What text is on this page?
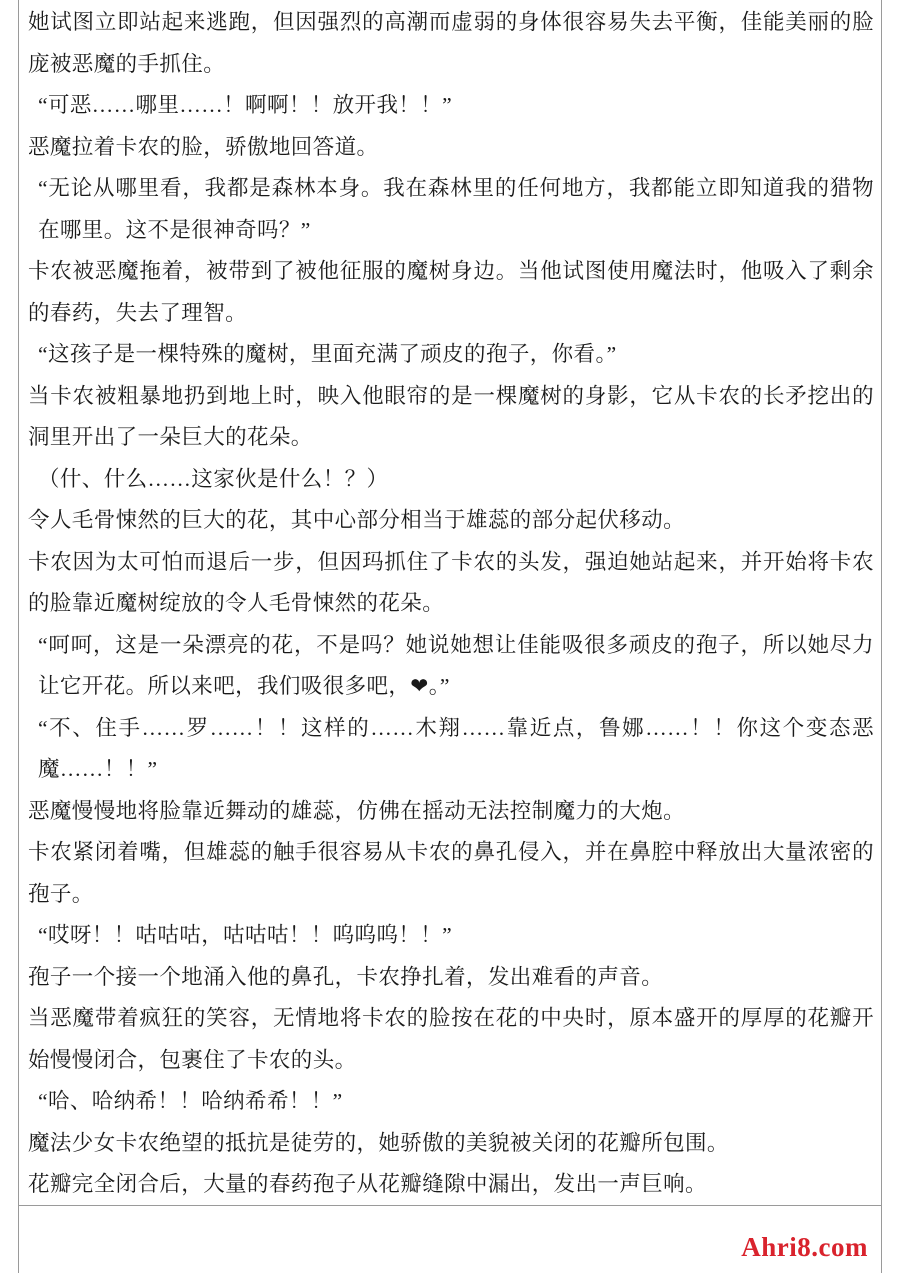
她试图立即站起来逃跑，但因强烈的高潮而虚弱的身体很容易失去平衡，佳能美丽的脸庞被恶魔的手抓住。

“可恶……哪里……！啊啊！！放开我！！”

恶魔拉着卡农的脸，骄傲地回答道。

“无论从哪里看，我都是森林本身。我在森林里的任何地方，我都能立即知道我的猎物在哪里。这不是很神奇吗？”

卡农被恶魔拖着，被带到了被他征服的魔树身边。当他试图使用魔法时，他吸入了剩余的春药，失去了理智。

“这孩子是一棵特殊的魔树，里面充满了顽皮的孢子，你看。”

当卡农被粗暴地扔到地上时，映入他眼帘的是一棵魔树的身影，它从卡农的长矛挖出的洞里开出了一朵巨大的花朵。

（什、什么……这家伙是什么！？）

令人毛骨悚然的巨大的花，其中心部分相当于雄蕊的部分起伏移动。

卡农因为太可怕而退后一步，但因玛抓住了卡农的头发，强迫她站起来，并开始将卡农的脸靠近魔树绽放的令人毛骨悚然的花朵。

“呵呵，这是一朵漂亮的花，不是吗？她说她想让佳能吸很多顽皮的孢子，所以她尽力让它开花。所以来吧，我们吸很多吧，❤。”

“不、住手……罗……！！这样的……木翔……靠近点，鲁娜……！！你这个变态恶魔……！！”

恶魔慢慢地将脸靠近舞动的雄蕊，仿佛在摇动无法控制魔力的大炮。

卡农紧闭着嘴，但雄蕊的触手很容易从卡农的鼻孔侵入，并在鼻腔中释放出大量浓密的孢子。

“哎呀！！咕咕咕，咕咕咕！！呜呜呜！！”

孢子一个接一个地涌入他的鼻孔，卡农挣扎着，发出难看的声音。

当恶魔带着疯狂的笑容，无情地将卡农的脸按在花的中央时，原本盛开的厚厚的花瓣开始慢慢闭合，包裹住了卡农的头。

“哈、哈纳希！！哈纳希希！！”

魔法少女卡农绝望的抵抗是徒劳的，她骄傲的美貌被关闭的花瓣所包围。

花瓣完全闭合后，大量的春药孢子从花瓣缝隙中漏出，发出一声巨响。

Ahri8.com
